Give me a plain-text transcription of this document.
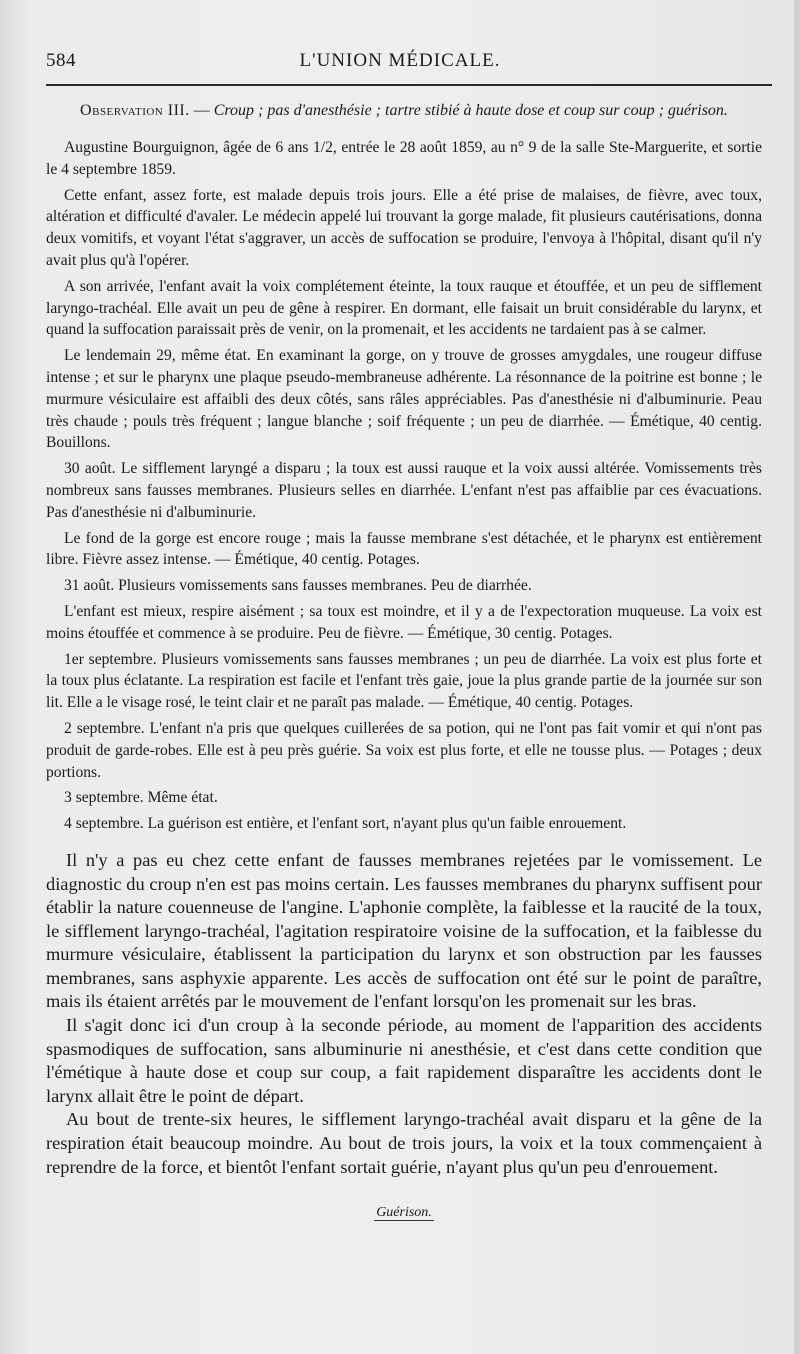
584	L'UNION MÉDICALE.
Observation III. — Croup ; pas d'anesthésie ; tartre stibié à haute dose et coup sur coup ; guérison.

Augustine Bourguignon, âgée de 6 ans 1/2, entrée le 28 août 1859, au n° 9 de la salle Ste-Marguerite, et sortie le 4 septembre 1859.

Cette enfant, assez forte, est malade depuis trois jours. Elle a été prise de malaises, de fièvre, avec toux, altération et difficulté d'avaler. Le médecin appelé lui trouvant la gorge malade, fit plusieurs cautérisations, donna deux vomitifs, et voyant l'état s'aggraver, un accès de suffocation se produire, l'envoya à l'hôpital, disant qu'il n'y avait plus qu'à l'opérer.

A son arrivée, l'enfant avait la voix complétement éteinte, la toux rauque et étouffée, et un peu de sifflement laryngo-trachéal. Elle avait un peu de gêne à respirer. En dormant, elle faisait un bruit considérable du larynx, et quand la suffocation paraissait près de venir, on la promenait, et les accidents ne tardaient pas à se calmer.

Le lendemain 29, même état. En examinant la gorge, on y trouve de grosses amygdales, une rougeur diffuse intense ; et sur le pharynx une plaque pseudo-membraneuse adhérente. La résonnance de la poitrine est bonne ; le murmure vésiculaire est affaibli des deux côtés, sans râles appréciables. Pas d'anesthésie ni d'albuminurie. Peau très chaude ; pouls très fréquent ; langue blanche ; soif fréquente ; un peu de diarrhée. — Émétique, 40 centig. Bouillons.

30 août. Le sifflement laryngé a disparu ; la toux est aussi rauque et la voix aussi altérée. Vomissements très nombreux sans fausses membranes. Plusieurs selles en diarrhée. L'enfant n'est pas affaiblie par ces évacuations. Pas d'anesthésie ni d'albuminurie.

Le fond de la gorge est encore rouge ; mais la fausse membrane s'est détachée, et le pharynx est entièrement libre. Fièvre assez intense. — Émétique, 40 centig. Potages.

31 août. Plusieurs vomissements sans fausses membranes. Peu de diarrhée.

L'enfant est mieux, respire aisément ; sa toux est moindre, et il y a de l'expectoration muqueuse. La voix est moins étouffée et commence à se produire. Peu de fièvre. — Émétique, 30 centig. Potages.

1er septembre. Plusieurs vomissements sans fausses membranes ; un peu de diarrhée. La voix est plus forte et la toux plus éclatante. La respiration est facile et l'enfant très gaie, joue la plus grande partie de la journée sur son lit. Elle a le visage rosé, le teint clair et ne paraît pas malade. — Émétique, 40 centig. Potages.

2 septembre. L'enfant n'a pris que quelques cuillerées de sa potion, qui ne l'ont pas fait vomir et qui n'ont pas produit de garde-robes. Elle est à peu près guérie. Sa voix est plus forte, et elle ne tousse plus. — Potages ; deux portions.

3 septembre. Même état.

4 septembre. La guérison est entière, et l'enfant sort, n'ayant plus qu'un faible enrouement.

Il n'y a pas eu chez cette enfant de fausses membranes rejetées par le vomissement. Le diagnostic du croup n'en est pas moins certain. Les fausses membranes du pharynx suffisent pour établir la nature couenneuse de l'angine. L'aphonie complète, la faiblesse et la raucité de la toux, le sifflement laryngo-trachéal, l'agitation respiratoire voisine de la suffocation, et la faiblesse du murmure vésiculaire, établissent la participation du larynx et son obstruction par les fausses membranes, sans asphyxie apparente. Les accès de suffocation ont été sur le point de paraître, mais ils étaient arrêtés par le mouvement de l'enfant lorsqu'on les promenait sur les bras.

Il s'agit donc ici d'un croup à la seconde période, au moment de l'apparition des accidents spasmodiques de suffocation, sans albuminurie ni anesthésie, et c'est dans cette condition que l'émétique à haute dose et coup sur coup, a fait rapidement disparaître les accidents dont le larynx allait être le point de départ.

Au bout de trente-six heures, le sifflement laryngo-trachéal avait disparu et la gêne de la respiration était beaucoup moindre. Au bout de trois jours, la voix et la toux commençaient à reprendre de la force, et bientôt l'enfant sortait guérie, n'ayant plus qu'un peu d'enrouement.

Guérison.
